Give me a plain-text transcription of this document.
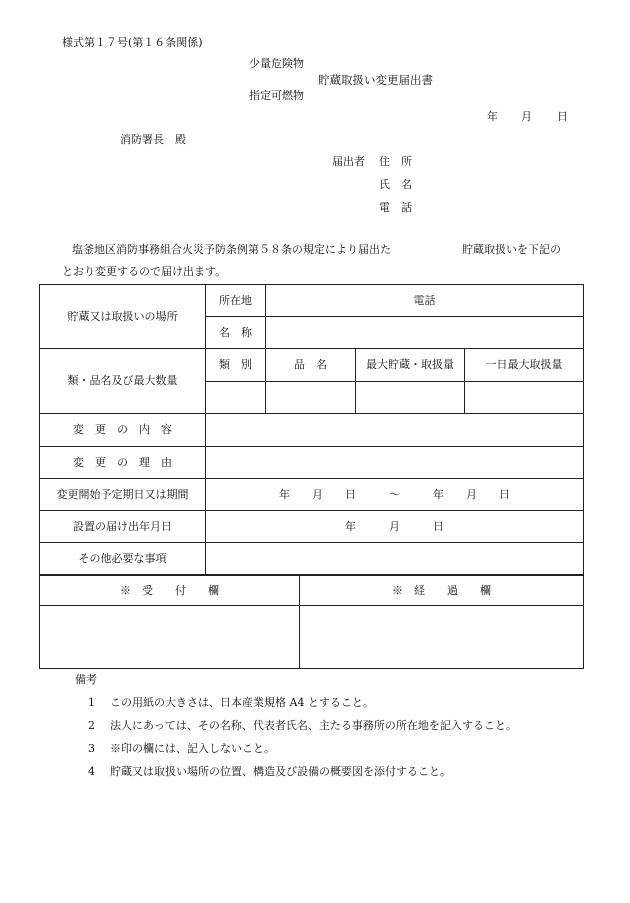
様式第１７号(第１６条関係)
少量危険物
貯蔵取扱い変更届出書
指定可燃物
年 月 日
消防署長　殿
届出者 住　所
氏　名
電　話
塩釜地区消防事務組合火災予防条例第５８条の規定により届出た	貯蔵取扱いを下記の
とおり変更するので届け出ます。
貯蔵又は取扱いの場所	所在地	電話		
	名　称			
類・品名及び最大数量	類　別	品　名	最大貯蔵・取扱量	一日最大取扱量

変　更　の　内　容				
変　更　の　理　由				
変更開始予定期日又は期間	年　　月　　日　　　～　　　年　　月　　日			
設置の届け出年月日	年　　　月　　　日			
その他必要な事項				
※　受　　付　　欄	※　経　　過　　欄

備考
1 この用紙の大きさは、日本産業規格 A4 とすること。
2 法人にあっては、その名称、代表者氏名、主たる事務所の所在地を記入すること。
3 ※印の欄には、記入しないこと。
4 貯蔵又は取扱い場所の位置、構造及び設備の概要図を添付すること。
